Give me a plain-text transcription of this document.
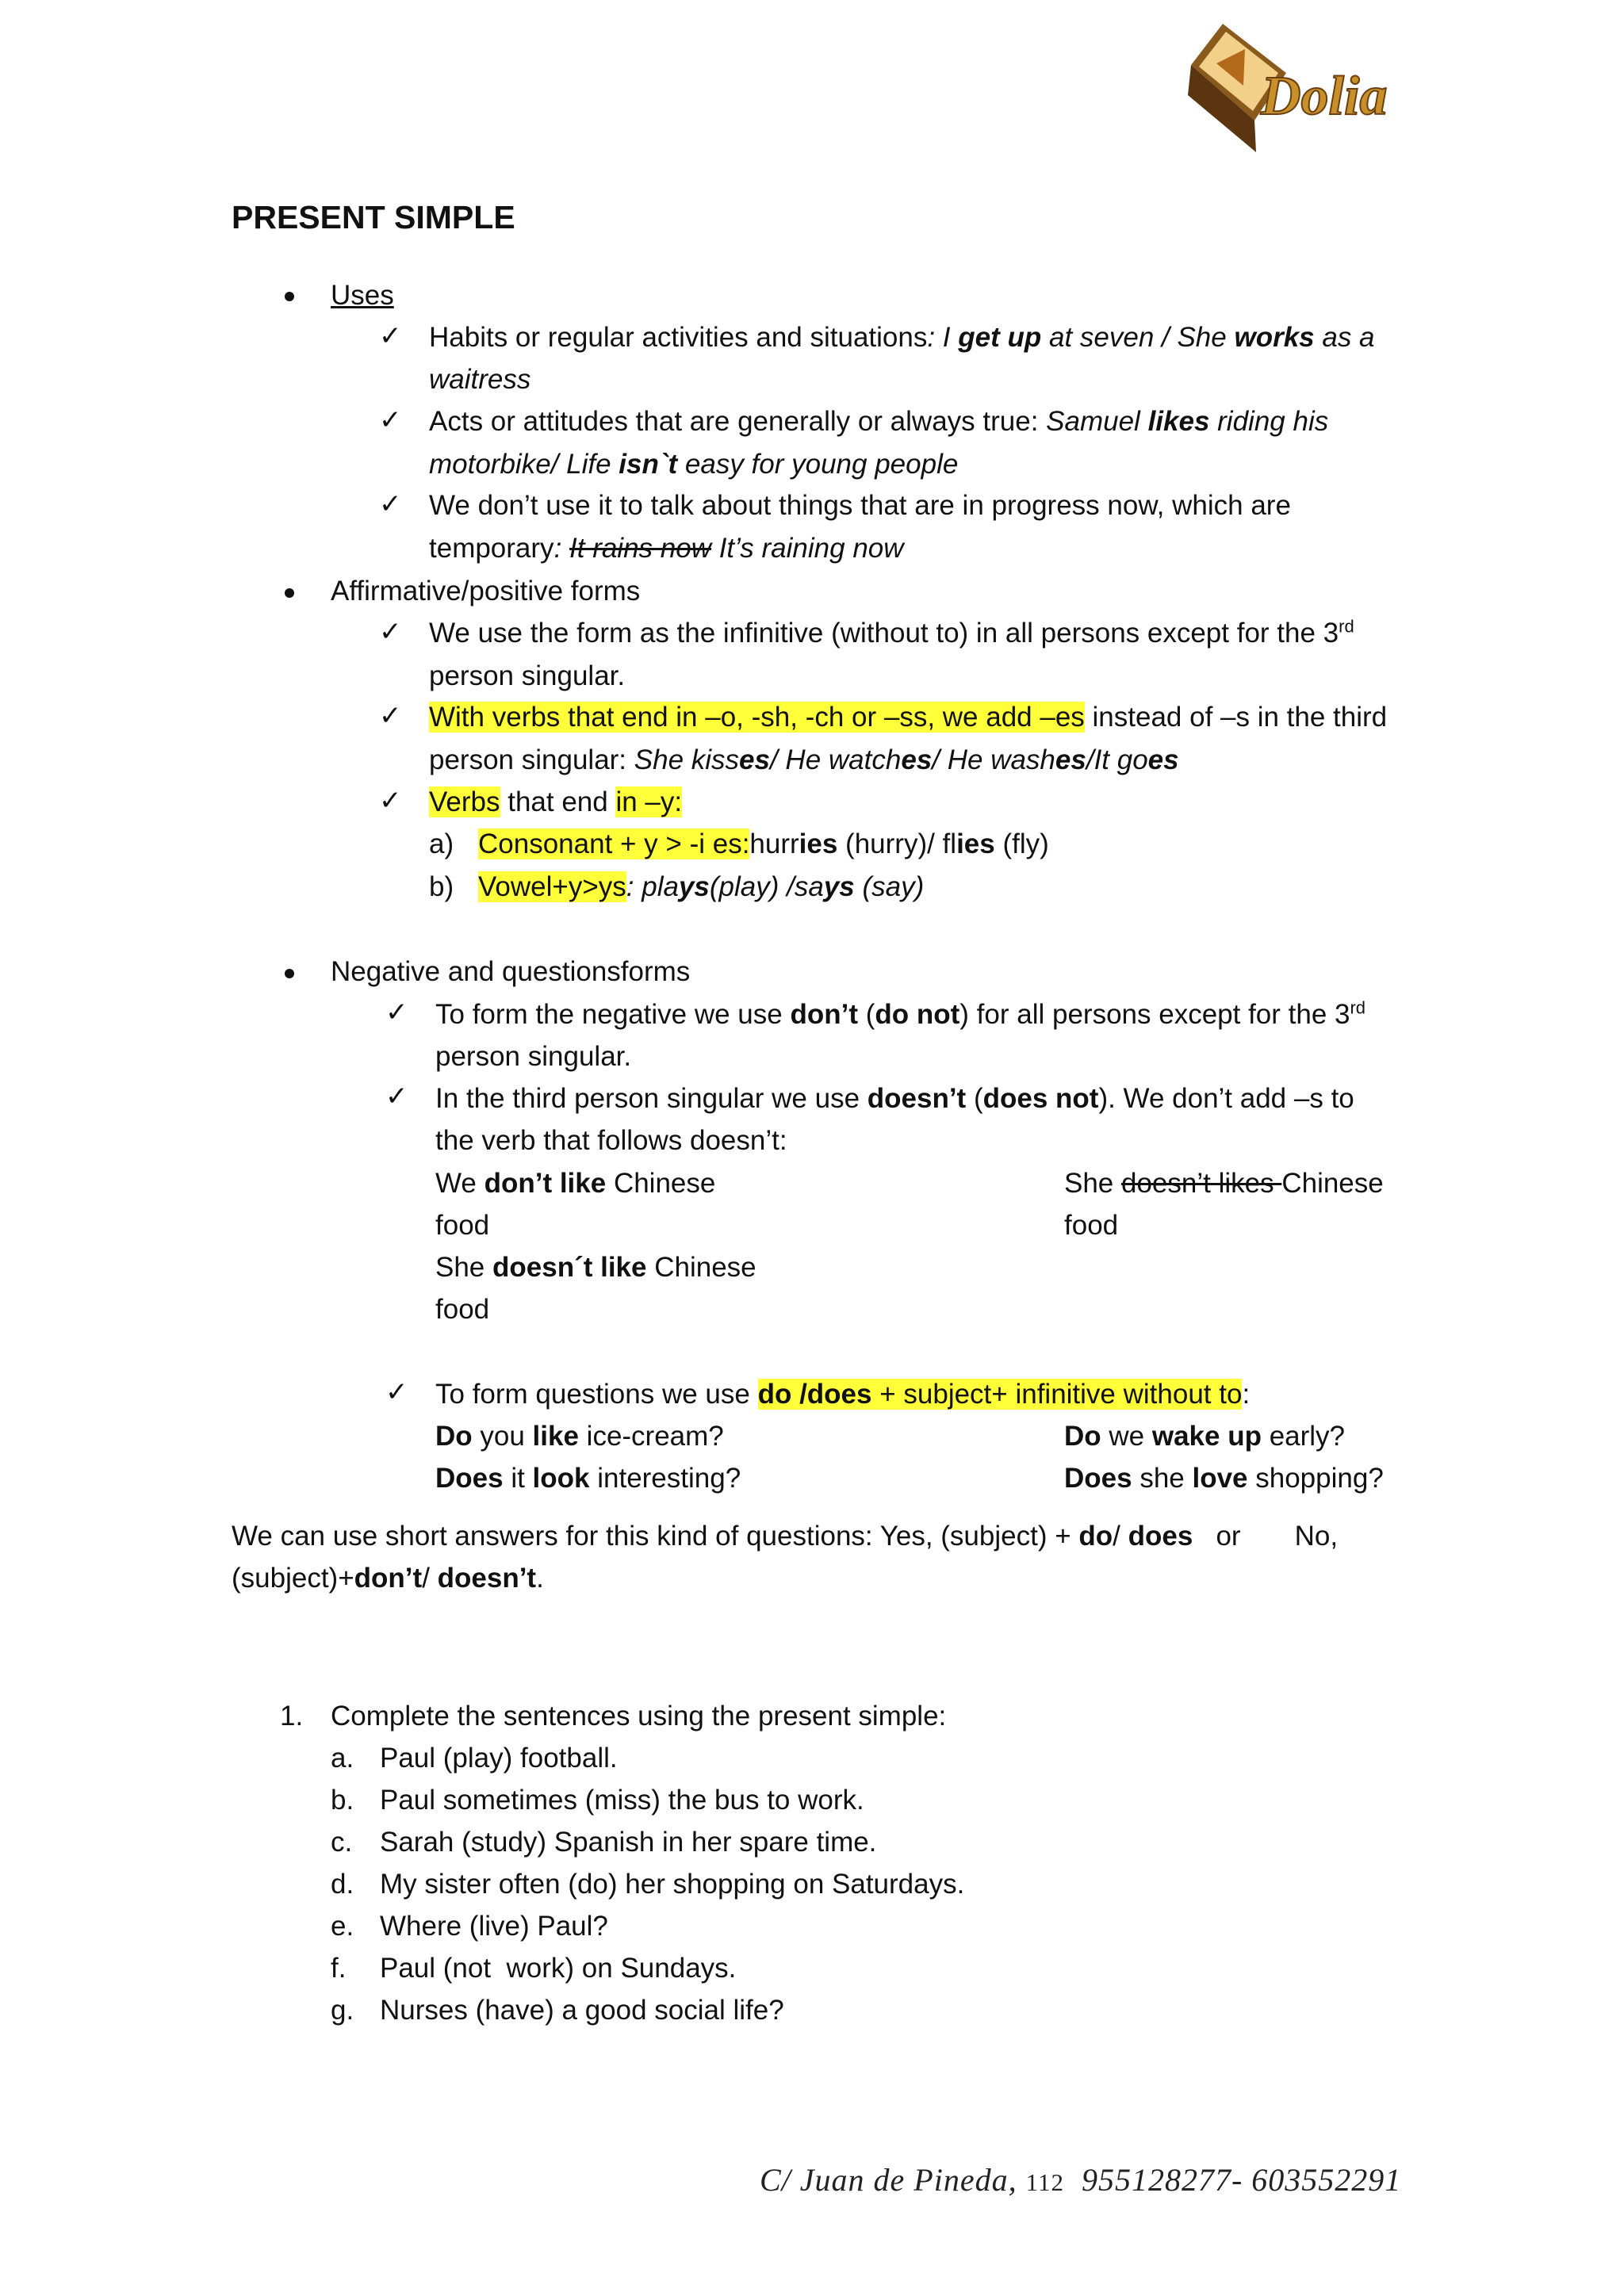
Dolia
PRESENT SIMPLE
Uses
✓ Habits or regular activities and situations: I get up at seven / She works as a
waitress
✓ Acts or attitudes that are generally or always true: Samuel likes riding his
motorbike/ Life isn`t easy for young people
✓ We don’t use it to talk about things that are in progress now, which are
temporary: It rains now It’s raining now
Affirmative/positive forms
✓ We use the form as the infinitive (without to) in all persons except for the 3rd
person singular.
✓ With verbs that end in –o, -sh, -ch or –ss, we add –es instead of –s in the third
person singular: She kisses/ He watches/ He washes/It goes
✓ Verbs that end in –y:
a) Consonant + y > -i es:hurries (hurry)/ flies (fly)
b) Vowel+y>ys: plays(play) /says (say)
Negative and questionsforms
✓ To form the negative we use don’t (do not) for all persons except for the 3rd
person singular.
✓ In the third person singular we use doesn’t (does not). We don’t add –s to
the verb that follows doesn’t:
We don’t like Chinese
food
She doesn´t like Chinese
food
She doesn’t likes Chinese
food
✓ To form questions we use do /does + subject+ infinitive without to:
Do you like ice-cream?
Does it look interesting?
Do we wake up early?
Does she love shopping?
We can use short answers for this kind of questions: Yes, (subject) + do/ does   or       No,
(subject)+don’t/ doesn’t.
1. Complete the sentences using the present simple:
a. Paul (play) football.
b. Paul sometimes (miss) the bus to work.
c. Sarah (study) Spanish in her spare time.
d. My sister often (do) her shopping on Saturdays.
e. Where (live) Paul?
f. Paul (not  work) on Sundays.
g. Nurses (have) a good social life?
C/ Juan de Pineda, 112  955128277- 603552291
